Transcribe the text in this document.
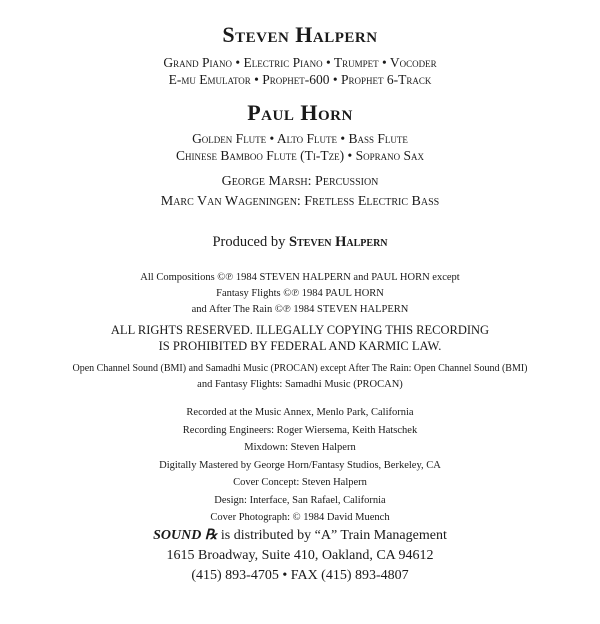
Steven Halpern
Grand Piano • Electric Piano • Trumpet • Vocoder
E-mu Emulator • Prophet-600 • Prophet 6-Track
Paul Horn
Golden Flute • Alto Flute • Bass Flute
Chinese Bamboo Flute (Ti-Tze) • Soprano Sax
George Marsh: Percussion
Marc Van Wageningen: Fretless Electric Bass
Produced by Steven Halpern
All Compositions ©℗ 1984 STEVEN HALPERN and PAUL HORN except
Fantasy Flights ©℗ 1984 PAUL HORN
and After The Rain ©℗ 1984 STEVEN HALPERN
ALL RIGHTS RESERVED. ILLEGALLY COPYING THIS RECORDING
IS PROHIBITED BY FEDERAL AND KARMIC LAW.
Open Channel Sound (BMI) and Samadhi Music (PROCAN) except After The Rain: Open Channel Sound (BMI)
and Fantasy Flights: Samadhi Music (PROCAN)
Recorded at the Music Annex, Menlo Park, California
Recording Engineers: Roger Wiersema, Keith Hatschek
Mixdown: Steven Halpern
Digitally Mastered by George Horn/Fantasy Studios, Berkeley, CA
Cover Concept: Steven Halpern
Design: Interface, San Rafael, California
Cover Photograph: © 1984 David Muench
SOUND ℞ is distributed by “A” Train Management
1615 Broadway, Suite 410, Oakland, CA 94612
(415) 893-4705 • FAX (415) 893-4807
